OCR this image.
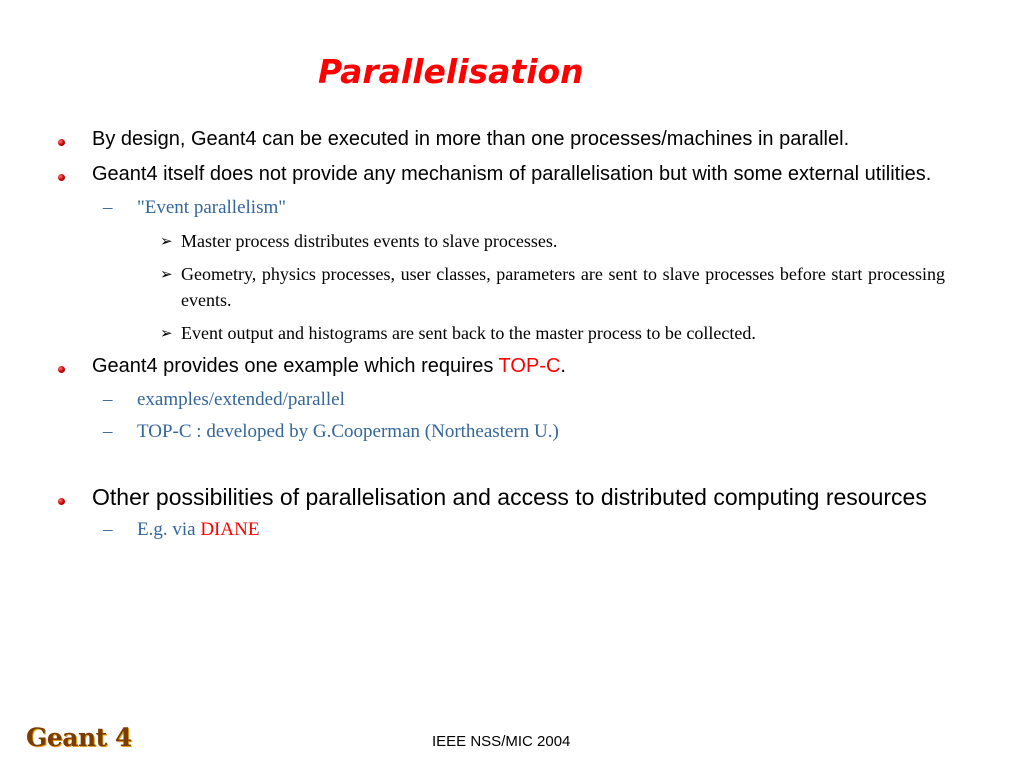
Parallelisation
By design, Geant4 can be executed in more than one processes/machines in parallel.
Geant4 itself does not provide any mechanism of parallelisation but with some external utilities.
– "Event parallelism"
➢ Master process distributes events to slave processes.
➢ Geometry, physics processes, user classes, parameters are sent to slave processes before start processing events.
➢ Event output and histograms are sent back to the master process to be collected.
Geant4 provides one example which requires TOP-C.
– examples/extended/parallel
– TOP-C : developed by G.Cooperman (Northeastern U.)
Other possibilities of parallelisation and access to distributed computing resources
– E.g. via DIANE
Geant 4	IEEE NSS/MIC 2004
